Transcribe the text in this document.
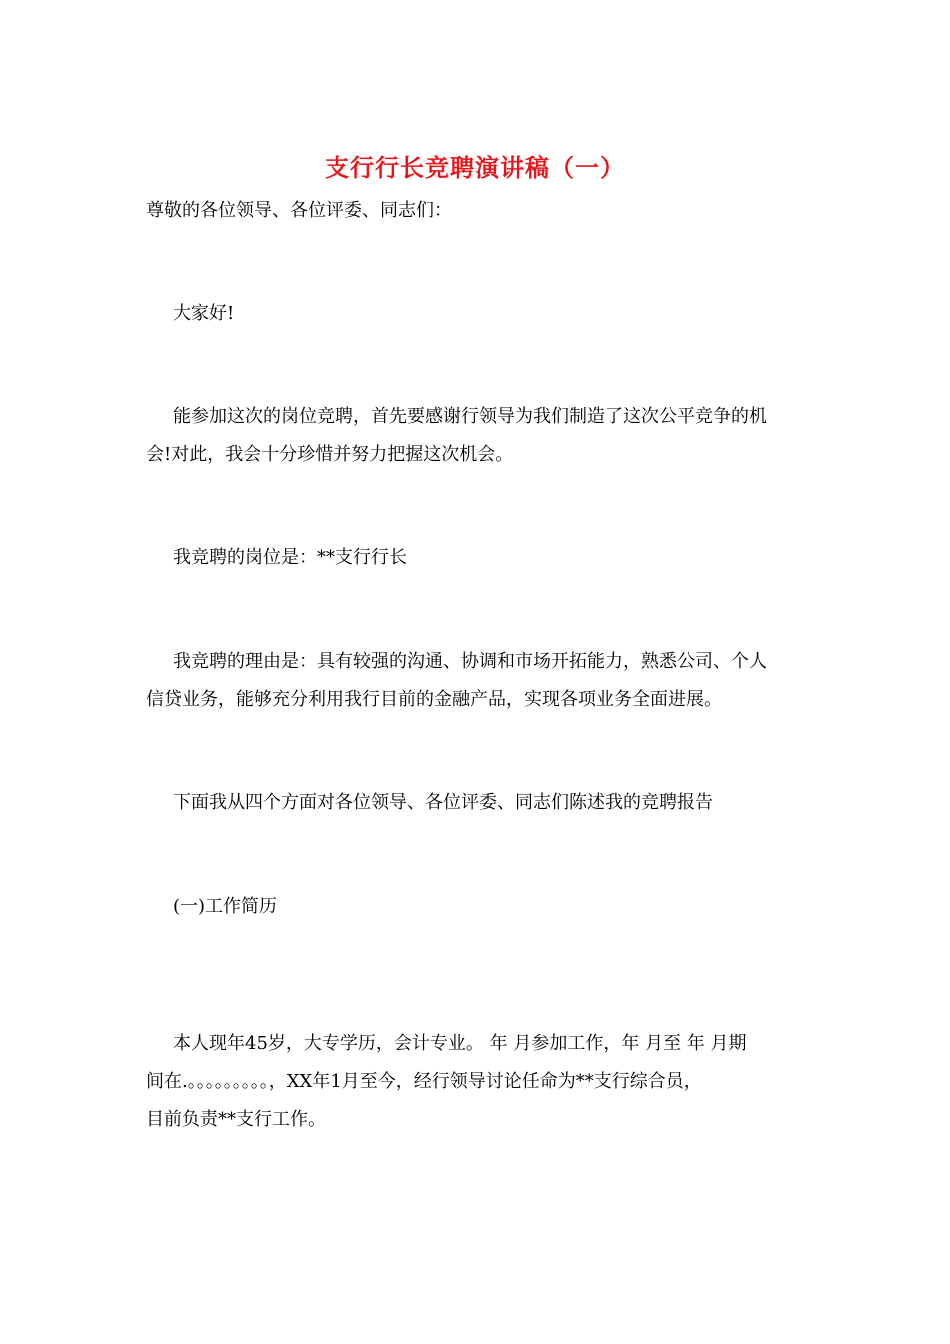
支行行长竞聘演讲稿（一）
尊敬的各位领导、各位评委、同志们：
大家好!
能参加这次的岗位竞聘，首先要感谢行领导为我们制造了这次公平竞争的机
会!对此，我会十分珍惜并努力把握这次机会。
我竞聘的岗位是：**支行行长
我竞聘的理由是：具有较强的沟通、协调和市场开拓能力，熟悉公司、个人
信贷业务，能够充分利用我行目前的金融产品，实现各项业务全面进展。
下面我从四个方面对各位领导、各位评委、同志们陈述我的竞聘报告
(一)工作简历
本人现年45岁，大专学历，会计专业。 年 月参加工作，年 月至 年 月期
间在.。。。。。。。。。，XX年1月至今，经行领导讨论任命为**支行综合员，
目前负责**支行工作。
